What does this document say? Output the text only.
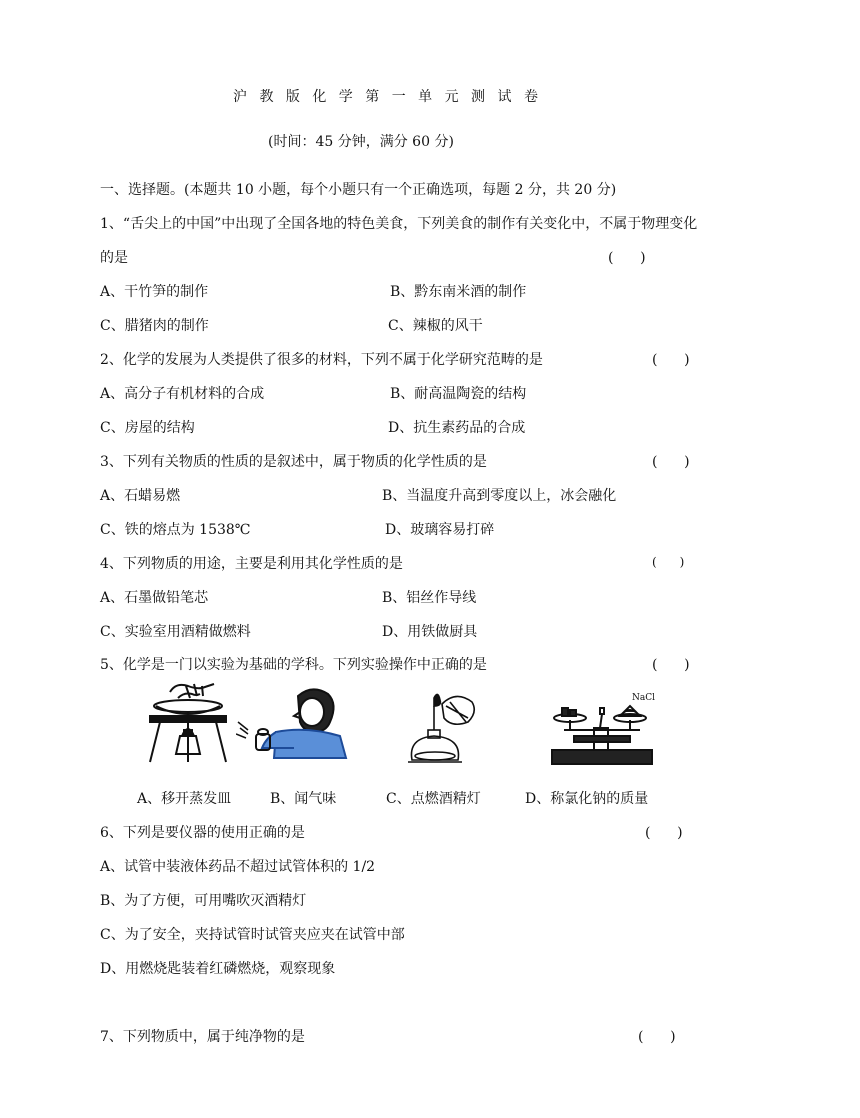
沪 教 版 化 学 第 一 单 元 测 试 卷
(时间：45 分钟，满分 60 分)
一、选择题。(本题共 10 小题，每个小题只有一个正确选项，每题 2 分，共 20 分)
1、“舌尖上的中国”中出现了全国各地的特色美食，下列美食的制作有关变化中，不属于物理变化
的是	(      )
A、干竹笋的制作	B、黔东南米酒的制作
C、腊猪肉的制作	C、辣椒的风干
2、化学的发展为人类提供了很多的材料，下列不属于化学研究范畴的是	(      )
A、高分子有机材料的合成	B、耐高温陶瓷的结构
C、房屋的结构	D、抗生素药品的合成
3、下列有关物质的性质的是叙述中，属于物质的化学性质的是	(      )
A、石蜡易燃	B、当温度升高到零度以上，冰会融化
C、铁的熔点为 1538℃	D、玻璃容易打碎
4、下列物质的用途，主要是利用其化学性质的是	(      )
A、石墨做铅笔芯	B、铝丝作导线
C、实验室用酒精做燃料	D、用铁做厨具
5、化学是一门以实验为基础的学科。下列实验操作中正确的是	(      )
NaCl
A、移开蒸发皿	B、闻气味	C、点燃酒精灯	D、称氯化钠的质量
6、下列是要仪器的使用正确的是	(      )
A、试管中装液体药品不超过试管体积的 1/2
B、为了方便，可用嘴吹灭酒精灯
C、为了安全，夹持试管时试管夹应夹在试管中部
D、用燃烧匙装着红磷燃烧，观察现象
7、下列物质中，属于纯净物的是	(      )
